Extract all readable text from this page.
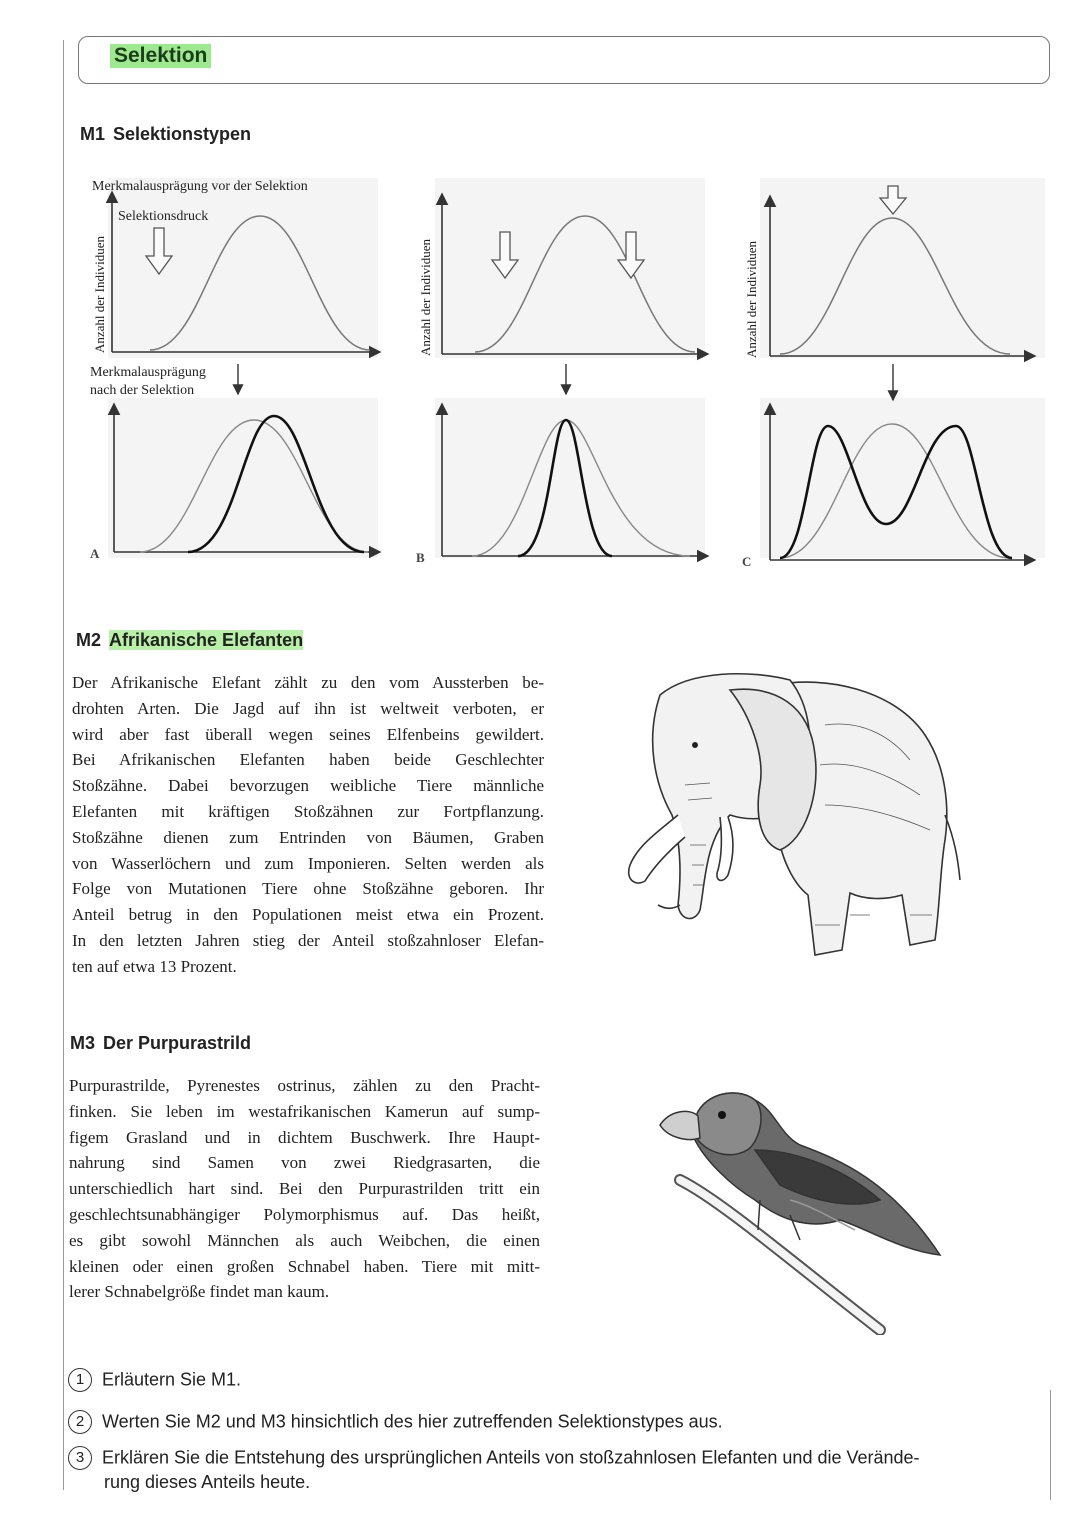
Selektion
M1 Selektionstypen
Merkmalausprägung vor der Selektion
Selektionsdruck
Merkmalausprägung
nach der Selektion
Anzahl der Individuen	Anzahl der Individuen	Anzahl der Individuen
A	B	C
M2 Afrikanische Elefanten
Der Afrikanische Elefant zählt zu den vom Aussterben be-
drohten Arten. Die Jagd auf ihn ist weltweit verboten, er
wird aber fast überall wegen seines Elfenbeins gewildert.
Bei Afrikanischen Elefanten haben beide Geschlechter
Stoßzähne. Dabei bevorzugen weibliche Tiere männliche
Elefanten mit kräftigen Stoßzähnen zur Fortpflanzung.
Stoßzähne dienen zum Entrinden von Bäumen, Graben
von Wasserlöchern und zum Imponieren. Selten werden als
Folge von Mutationen Tiere ohne Stoßzähne geboren. Ihr
Anteil betrug in den Populationen meist etwa ein Prozent.
In den letzten Jahren stieg der Anteil stoßzahnloser Elefan-
ten auf etwa 13 Prozent.
M3 Der Purpurastrild
Purpurastrilde, Pyrenestes ostrinus, zählen zu den Pracht-
finken. Sie leben im westafrikanischen Kamerun auf sump-
figem Grasland und in dichtem Buschwerk. Ihre Haupt-
nahrung sind Samen von zwei Riedgrasarten, die
unterschiedlich hart sind. Bei den Purpurastrilden tritt ein
geschlechtsunabhängiger Polymorphismus auf. Das heißt,
es gibt sowohl Männchen als auch Weibchen, die einen
kleinen oder einen großen Schnabel haben. Tiere mit mitt-
lerer Schnabelgröße findet man kaum.
1 Erläutern Sie M1.
2 Werten Sie M2 und M3 hinsichtlich des hier zutreffenden Selektionstypes aus.
3 Erklären Sie die Entstehung des ursprünglichen Anteils von stoßzahnlosen Elefanten und die Verände-
rung dieses Anteils heute.
